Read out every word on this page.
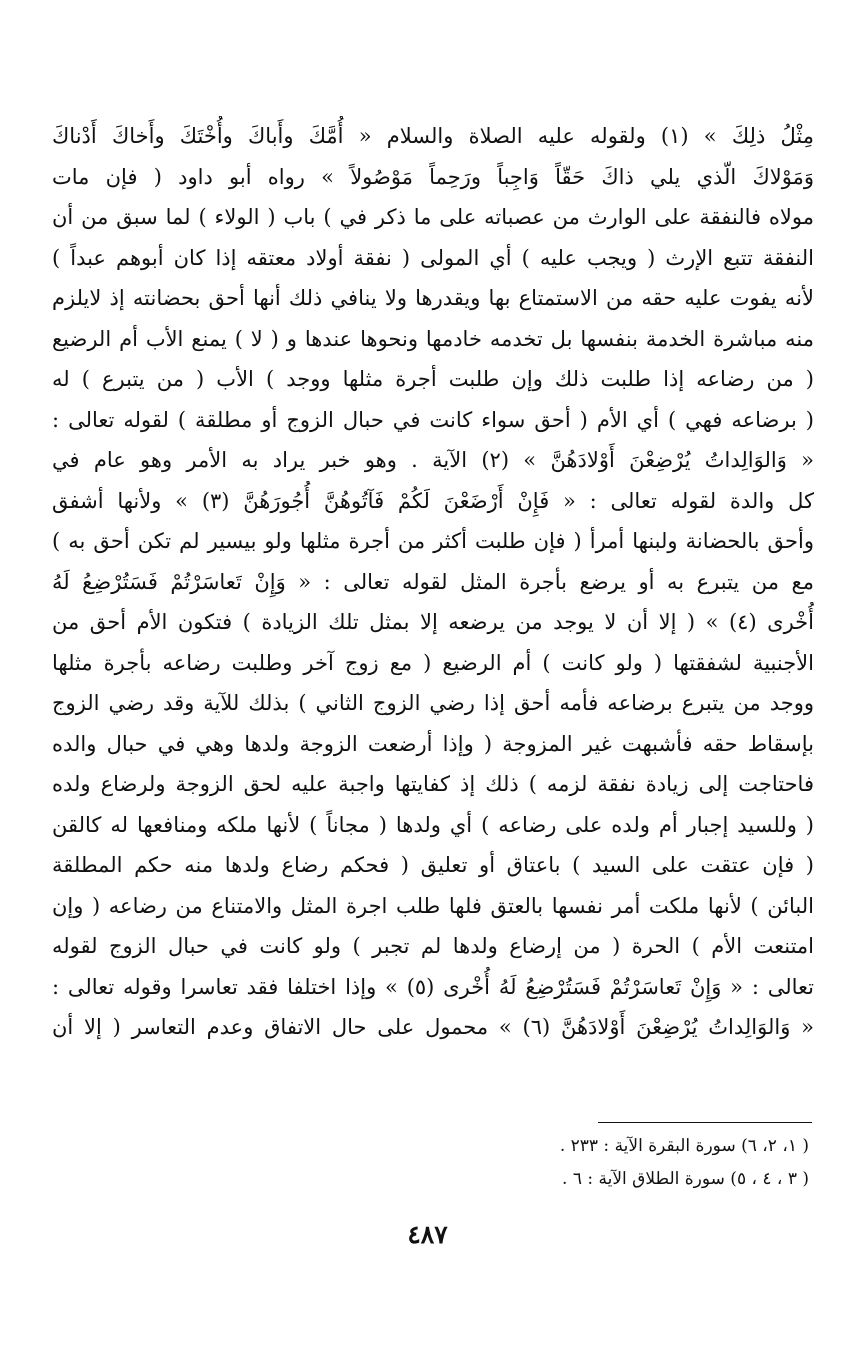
مِثْلُ ذلِكَ » (١) ولقوله عليه الصلاة والسلام « أُمَّكَ وأَباكَ وأُخْتَكَ وأَخاكَ أَدْناكَ
وَمَوْلاكَ الّذي يلي ذاكَ حَقّاً وَاجِباً ورَحِماً مَوْصُولاً » رواه أبو داود ( فإن مات
مولاه فالنفقة على الوارث من عصباته على ما ذكر في ) باب ( الولاء ) لما سبق من أن
النفقة تتبع الإرث ( ويجب عليه ) أي المولى ( نفقة أولاد معتقه إذا كان أبوهم عبداً )
لأنه يفوت عليه حقه من الاستمتاع بها ويقدرها ولا ينافي ذلك أنها أحق بحضانته إذ لايلزم
منه مباشرة الخدمة بنفسها بل تخدمه خادمها ونحوها عندها و ( لا ) يمنع الأب أم الرضيع
( من رضاعه إذا طلبت ذلك وإن طلبت أجرة مثلها ووجد ) الأب ( من يتبرع ) له
( برضاعه فهي ) أي الأم ( أحق سواء كانت في حبال الزوج أو مطلقة ) لقوله تعالى :
« وَالوَالِداتُ يُرْضِعْنَ أَوْلادَهُنَّ » (٢) الآية . وهو خبر يراد به الأمر وهو عام في
كل والدة لقوله تعالى : « فَإِنْ أَرْضَعْنَ لَكُمْ فَآتُوهُنَّ أُجُورَهُنَّ (٣) » ولأنها أشفق
وأحق بالحضانة ولبنها أمرأ ( فإن طلبت أكثر من أجرة مثلها ولو بيسير لم تكن أحق به )
مع من يتبرع به أو يرضع بأجرة المثل لقوله تعالى : « وَإِنْ تَعاسَرْتُمْ فَسَتُرْضِعُ لَهُ
أُخْرى (٤) » ( إلا أن لا يوجد من يرضعه إلا بمثل تلك الزيادة ) فتكون الأم أحق من
الأجنبية لشفقتها ( ولو كانت ) أم الرضيع ( مع زوج آخر وطلبت رضاعه بأجرة مثلها
ووجد من يتبرع برضاعه فأمه أحق إذا رضي الزوج الثاني ) بذلك للآية وقد رضي الزوج
بإسقاط حقه فأشبهت غير المزوجة ( وإذا أرضعت الزوجة ولدها وهي في حبال والده
فاحتاجت إلى زيادة نفقة لزمه ) ذلك إذ كفايتها واجبة عليه لحق الزوجة ولرضاع ولده
( وللسيد إجبار أم ولده على رضاعه ) أي ولدها ( مجاناً ) لأنها ملكه ومنافعها له كالقن
( فإن عتقت على السيد ) باعتاق أو تعليق ( فحكم رضاع ولدها منه حكم المطلقة
البائن ) لأنها ملكت أمر نفسها بالعتق فلها طلب اجرة المثل والامتناع من رضاعه ( وإن
امتنعت الأم ) الحرة ( من إرضاع ولدها لم تجبر ) ولو كانت في حبال الزوج لقوله
تعالى : « وَإِنْ تَعاسَرْتُمْ فَسَتُرْضِعُ لَهُ أُخْرى (٥) » وإذا اختلفا فقد تعاسرا وقوله تعالى :
« وَالوَالِداتُ يُرْضِعْنَ أَوْلادَهُنَّ (٦) » محمول على حال الاتفاق وعدم التعاسر ( إلا أن
( ١، ٢، ٦) سورة البقرة الآية : ٢٣٣ .
( ٣ ، ٤ ، ٥) سورة الطلاق الآية : ٦ .
٤٨٧
